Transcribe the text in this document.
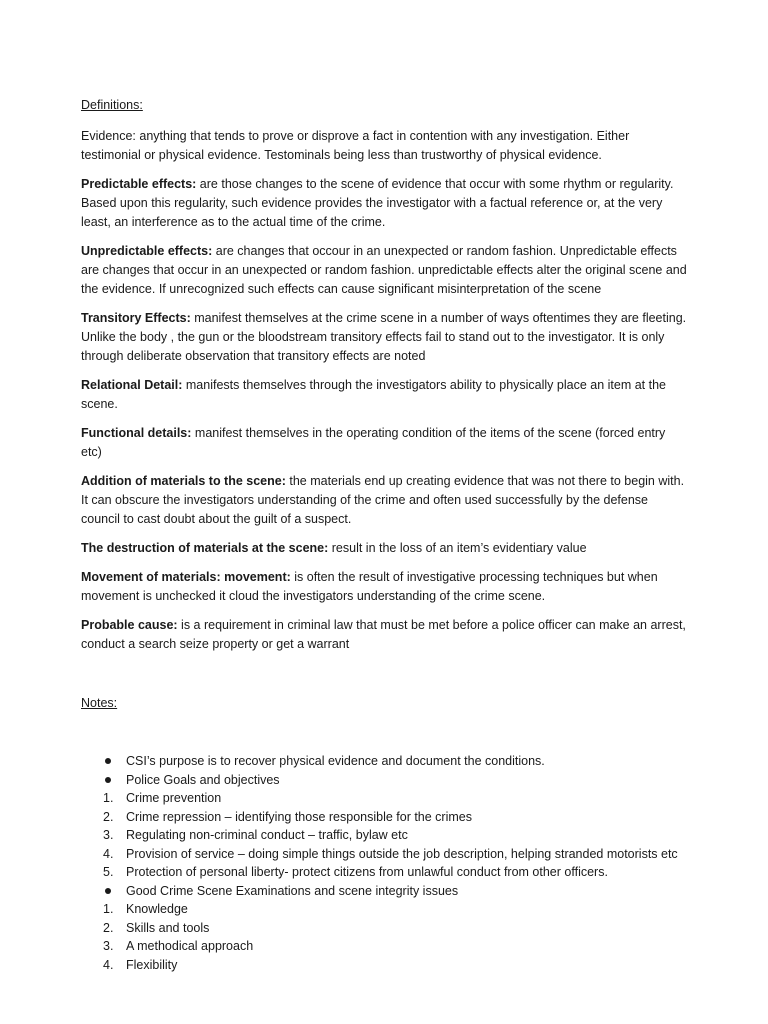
Definitions:
Evidence: anything that tends to prove or disprove a fact in contention with any investigation. Either testimonial or physical evidence. Testominals being less than trustworthy of physical evidence.
Predictable effects: are those changes to the scene of evidence that occur with some rhythm or regularity. Based upon this regularity, such evidence provides the investigator with a factual reference or, at the very least, an interference as to the actual time of the crime.
Unpredictable effects: are changes that occour in an unexpected or random fashion. Unpredictable effects are changes that occur in an unexpected or random fashion. unpredictable effects alter the original scene and the evidence. If unrecognized such effects can cause significant misinterpretation of the scene
Transitory Effects: manifest themselves at the crime scene in a number of ways oftentimes they are fleeting. Unlike the body , the gun or the bloodstream transitory effects fail to stand out to the investigator. It is only through deliberate observation that transitory effects are noted
Relational Detail: manifests themselves through the investigators ability to physically place an item at the scene.
Functional details: manifest themselves in the operating condition of the items of the scene (forced entry etc)
Addition of materials to the scene: the materials end up creating evidence that was not there to begin with. It can obscure the investigators understanding of the crime and often used successfully by the defense council to cast doubt about the guilt of a suspect.
The destruction of materials at the scene: result in the loss of an item’s evidentiary value
Movement of materials: movement: is often the result of investigative processing techniques but when movement is unchecked it cloud the investigators understanding of the crime scene.
Probable cause: is a requirement in criminal law that must be met before a police officer can make an arrest, conduct a search seize property or get a warrant
Notes:
CSI’s purpose is to recover physical evidence and document the conditions.
Police Goals and objectives
1.	Crime prevention
2.	Crime repression – identifying those responsible for the crimes
3.	Regulating non-criminal conduct – traffic, bylaw etc
4.	Provision of service – doing simple things outside the job description, helping stranded motorists etc
5.	Protection of personal liberty- protect citizens from unlawful conduct from other officers.
Good Crime Scene Examinations and scene integrity issues
1.	Knowledge
2.	Skills and tools
3.	A methodical approach
4.	Flexibility
